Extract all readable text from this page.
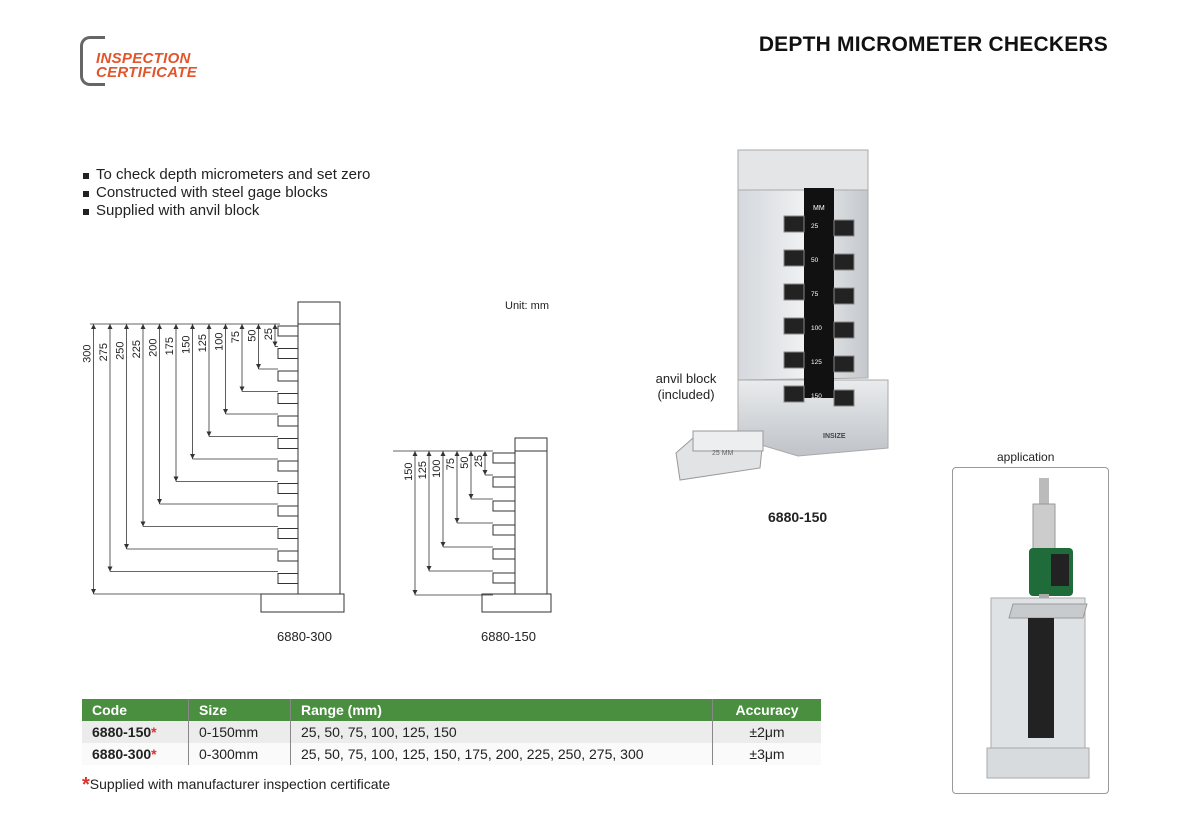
INSPECTION
CERTIFICATE
DEPTH MICROMETER CHECKERS
To check depth micrometers and set zero
Constructed with steel gage blocks
Supplied with anvil block
Unit: mm
25
50
75
100
125
150
175
200
225
250
275
300
6880-300
25
50
75
100
125
150
6880-150
MM
25
50
75
100
125
150
INSIZE
25 MM
anvil block
(included)
6880-150
application
Code	Size	Range (mm)	Accuracy
6880-150*	0-150mm	25, 50, 75, 100, 125, 150	±2μm
6880-300*	0-300mm	25, 50, 75, 100, 125, 150, 175, 200, 225, 250, 275, 300	±3μm
*Supplied with manufacturer inspection certificate
